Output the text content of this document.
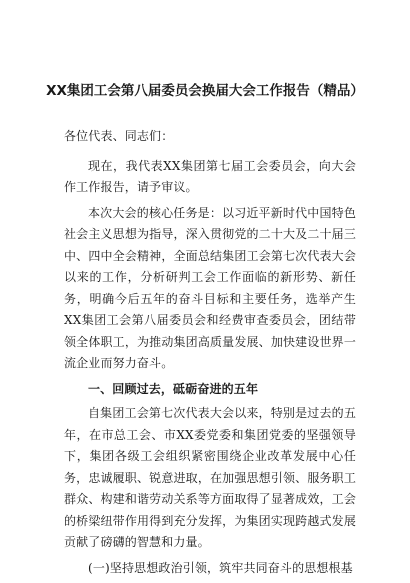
XX集团工会第八届委员会换届大会工作报告（精品）

各位代表、同志们：

现在，我代表XX集团第七届工会委员会，向大会作工作报告，请予审议。

本次大会的核心任务是：以习近平新时代中国特色社会主义思想为指导，深入贯彻党的二十大及二十届三中、四中全会精神，全面总结集团工会第七次代表大会以来的工作，分析研判工会工作面临的新形势、新任务，明确今后五年的奋斗目标和主要任务，选举产生XX集团工会第八届委员会和经费审查委员会，团结带领全体职工，为推动集团高质量发展、加快建设世界一流企业而努力奋斗。

一、回顾过去，砥砺奋进的五年

自集团工会第七次代表大会以来，特别是过去的五年，在市总工会、市XX委党委和集团党委的坚强领导下，集团各级工会组织紧密围绕企业改革发展中心任务，忠诚履职、锐意进取，在加强思想引领、服务职工群众、构建和谐劳动关系等方面取得了显著成效，工会的桥梁纽带作用得到充分发挥，为集团实现跨越式发展贡献了磅礴的智慧和力量。

(一)坚持思想政治引领，筑牢共同奋斗的思想根基
